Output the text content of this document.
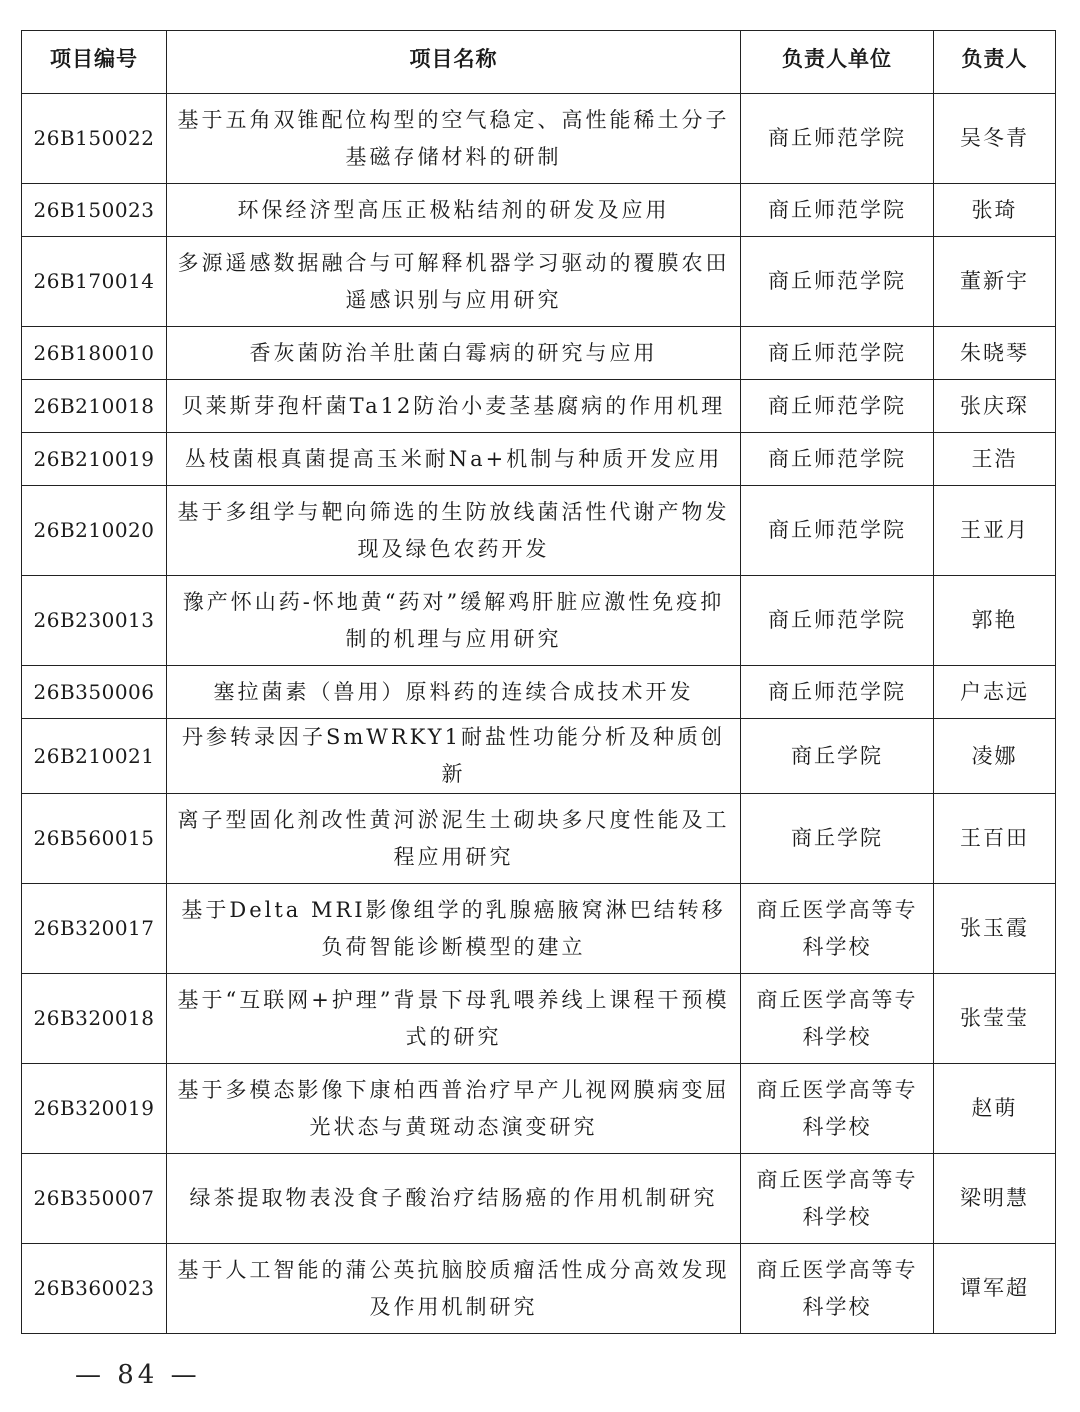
项目编号	项目名称	负责人单位	负责人
26B150022	基于五角双锥配位构型的空气稳定、高性能稀土分子基磁存储材料的研制	商丘师范学院	吴冬青
26B150023	环保经济型高压正极粘结剂的研发及应用	商丘师范学院	张琦
26B170014	多源遥感数据融合与可解释机器学习驱动的覆膜农田遥感识别与应用研究	商丘师范学院	董新宇
26B180010	香灰菌防治羊肚菌白霉病的研究与应用	商丘师范学院	朱晓琴
26B210018	贝莱斯芽孢杆菌Ta12防治小麦茎基腐病的作用机理	商丘师范学院	张庆琛
26B210019	丛枝菌根真菌提高玉米耐Na+机制与种质开发应用	商丘师范学院	王浩
26B210020	基于多组学与靶向筛选的生防放线菌活性代谢产物发现及绿色农药开发	商丘师范学院	王亚月
26B230013	豫产怀山药-怀地黄“药对”缓解鸡肝脏应激性免疫抑制的机理与应用研究	商丘师范学院	郭艳
26B350006	塞拉菌素（兽用）原料药的连续合成技术开发	商丘师范学院	户志远
26B210021	丹参转录因子SmWRKY1耐盐性功能分析及种质创新	商丘学院	凌娜
26B560015	离子型固化剂改性黄河淤泥生土砌块多尺度性能及工程应用研究	商丘学院	王百田
26B320017	基于Delta MRI影像组学的乳腺癌腋窝淋巴结转移负荷智能诊断模型的建立	商丘医学高等专科学校	张玉霞
26B320018	基于“互联网+护理”背景下母乳喂养线上课程干预模式的研究	商丘医学高等专科学校	张莹莹
26B320019	基于多模态影像下康柏西普治疗早产儿视网膜病变屈光状态与黄斑动态演变研究	商丘医学高等专科学校	赵萌
26B350007	绿茶提取物表没食子酸治疗结肠癌的作用机制研究	商丘医学高等专科学校	梁明慧
26B360023	基于人工智能的蒲公英抗脑胶质瘤活性成分高效发现及作用机制研究	商丘医学高等专科学校	谭军超
— 84 —
